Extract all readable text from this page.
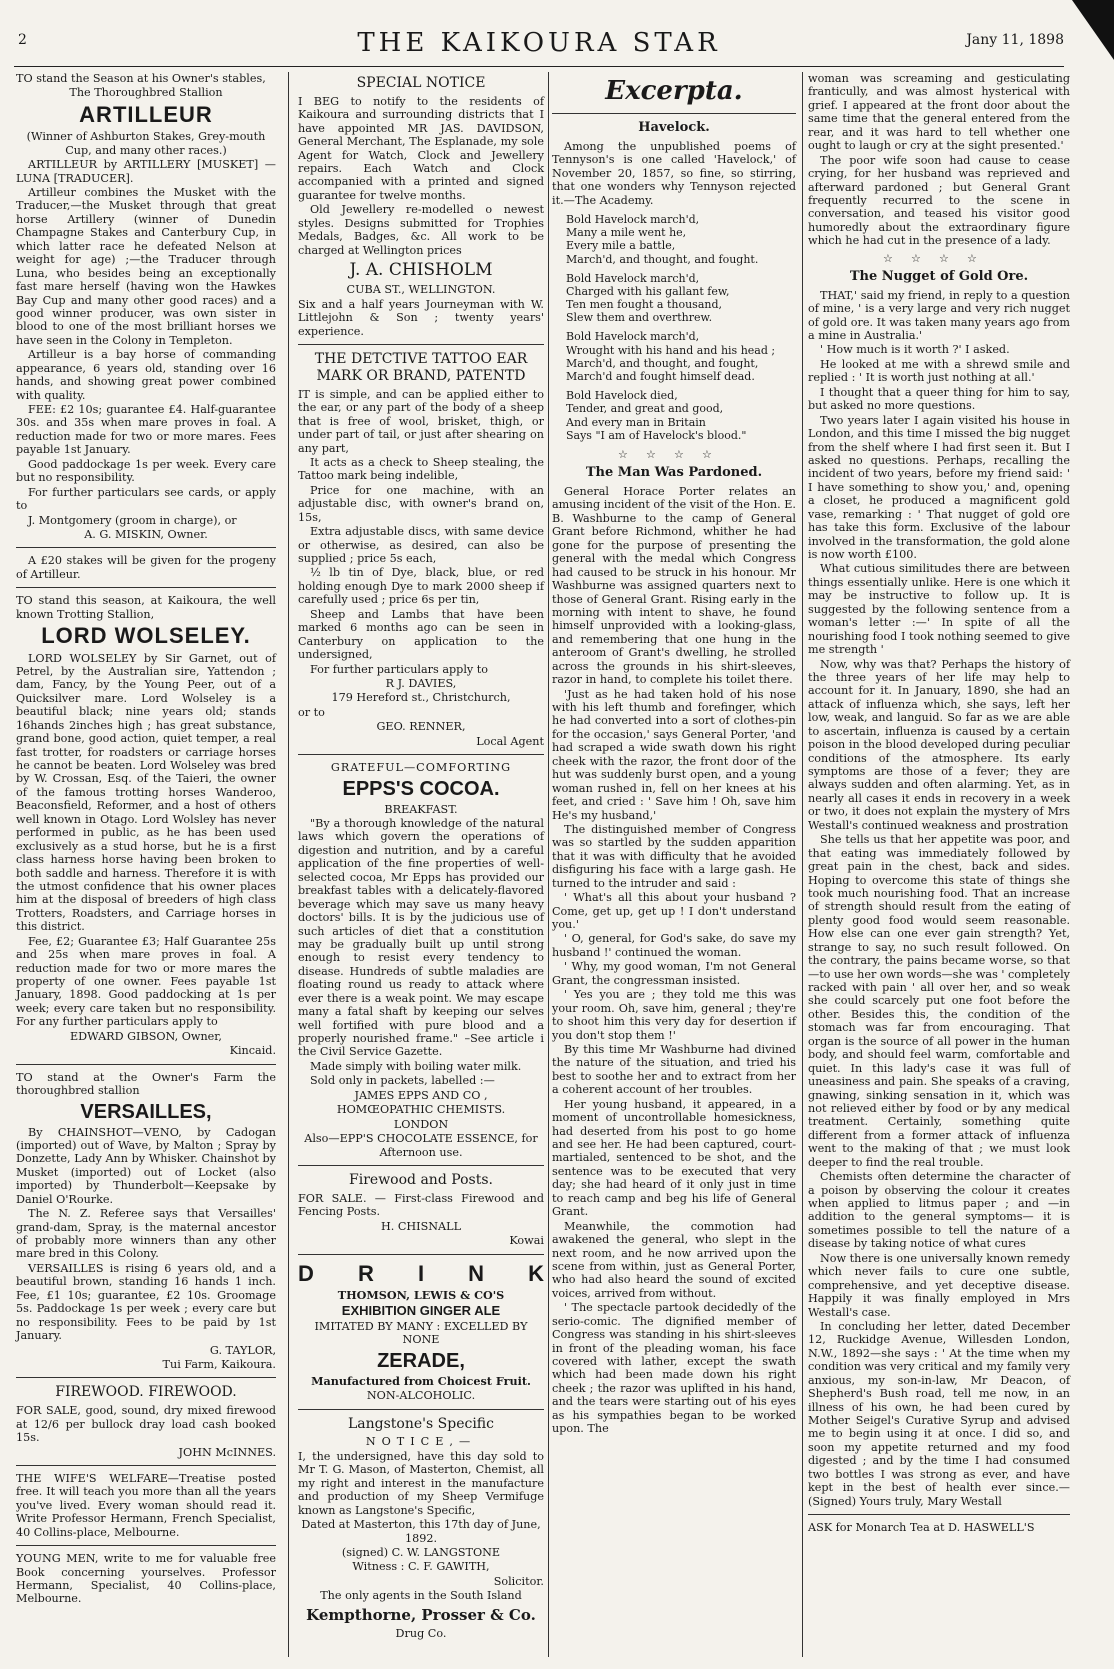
2	THE KAIKOURA STAR	Jany 11, 1898

TO stand the Season at his Owner's stables,

The Thoroughbred Stallion

ARTILLEUR

(Winner of Ashburton Stakes, Grey-mouth Cup, and many other races.)

ARTILLEUR by ARTILLERY [MUSKET] — LUNA [TRADUCER].

Artilleur combines the Musket with the Traducer,—the Musket through that great horse Artillery (winner of Dunedin Champagne Stakes and Canterbury Cup, in which latter race he defeated Nelson at weight for age) ;—the Traducer through Luna, who besides being an exceptionally fast mare herself (having won the Hawkes Bay Cup and many other good races) and a good winner producer, was own sister in blood to one of the most brilliant horses we have seen in the Colony in Templeton.

Artilleur is a bay horse of commanding appearance, 6 years old, standing over 16 hands, and showing great power combined with quality.

FEE: £2 10s; guarantee £4. Half-guarantee 30s. and 35s when mare proves in foal. A reduction made for two or more mares. Fees payable 1st January.

Good paddockage 1s per week. Every care but no responsibility.

For further particulars see cards, or apply to

J. Montgomery (groom in charge), or

A. G. MISKIN, Owner.

A £20 stakes will be given for the progeny of Artilleur.

TO stand this season, at Kaikoura, the well known Trotting Stallion,

LORD WOLSELEY.

LORD WOLSELEY by Sir Garnet, out of Petrel, by the Australian sire, Yattendon ; dam, Fancy, by the Young Peer, out of a Quicksilver mare. Lord Wolseley is a beautiful black; nine years old; stands 16hands 2inches high ; has great substance, grand bone, good action, quiet temper, a real fast trotter, for roadsters or carriage horses he cannot be beaten. Lord Wolseley was bred by W. Crossan, Esq. of the Taieri, the owner of the famous trotting horses Wanderoo, Beaconsfield, Reformer, and a host of others well known in Otago. Lord Wolsley has never performed in public, as he has been used exclusively as a stud horse, but he is a first class harness horse having been broken to both saddle and harness. Therefore it is with the utmost confidence that his owner places him at the disposal of breeders of high class Trotters, Roadsters, and Carriage horses in this district.

Fee, £2; Guarantee £3; Half Guarantee 25s and 25s when mare proves in foal. A reduction made for two or more mares the property of one owner. Fees payable 1st January, 1898. Good paddocking at 1s per week; every care taken but no responsibility. For any further particulars apply to

EDWARD GIBSON, Owner,

Kincaid.

TO stand at the Owner's Farm the thoroughbred stallion

VERSAILLES,

By CHAINSHOT—VENO, by Cadogan (imported) out of Wave, by Malton ; Spray by Donzette, Lady Ann by Whisker. Chainshot by Musket (imported) out of Locket (also imported) by Thunderbolt—Keepsake by Daniel O'Rourke.

The N. Z. Referee says that Versailles' grand-dam, Spray, is the maternal ancestor of probably more winners than any other mare bred in this Colony.

VERSAILLES is rising 6 years old, and a beautiful brown, standing 16 hands 1 inch. Fee, £1 10s; guarantee, £2 10s. Groomage 5s. Paddockage 1s per week ; every care but no responsibility. Fees to be paid by 1st January.

G. TAYLOR,

Tui Farm, Kaikoura.

FIREWOOD. FIREWOOD.

FOR SALE, good, sound, dry mixed firewood at 12/6 per bullock dray load cash booked 15s.

JOHN McINNES.

THE WIFE'S WELFARE—Treatise posted free. It will teach you more than all the years you've lived. Every woman should read it. Write Professor Hermann, French Specialist, 40 Collins-place, Melbourne.

YOUNG MEN, write to me for valuable free Book concerning yourselves. Professor Hermann, Specialist, 40 Collins-place, Melbourne.

SPECIAL NOTICE

I BEG to notify to the residents of Kaikoura and surrounding districts that I have appointed MR JAS. DAVIDSON, General Merchant, The Esplanade, my sole Agent for Watch, Clock and Jewellery repairs. Each Watch and Clock accompanied with a printed and signed guarantee for twelve months.

Old Jewellery re-modelled o newest styles. Designs submitted for Trophies Medals, Badges, &c. All work to be charged at Wellington prices

J. A. CHISHOLM

CUBA ST., WELLINGTON.

Six and a half years Journeyman with W. Littlejohn & Son ; twenty years' experience.

THE DETCTIVE TATTOO EAR MARK OR BRAND, PATENTD

IT is simple, and can be applied either to the ear, or any part of the body of a sheep that is free of wool, brisket, thigh, or under part of tail, or just after shearing on any part,

It acts as a check to Sheep stealing, the Tattoo mark being indelible,

Price for one machine, with an adjustable disc, with owner's brand on, 15s,

Extra adjustable discs, with same device or otherwise, as desired, can also be supplied ; price 5s each,

½ lb tin of Dye, black, blue, or red holding enough Dye to mark 2000 sheep if carefully used ; price 6s per tin,

Sheep and Lambs that have been marked 6 months ago can be seen in Canterbury on application to the undersigned,

For further particulars apply to

R J. DAVIES,

179 Hereford st., Christchurch,

or to

GEO. RENNER,

Local Agent

GRATEFUL—COMFORTING

EPPS'S COCOA.

BREAKFAST.

"By a thorough knowledge of the natural laws which govern the operations of digestion and nutrition, and by a careful application of the fine properties of well-selected cocoa, Mr Epps has provided our breakfast tables with a delicately-flavored beverage which may save us many heavy doctors' bills. It is by the judicious use of such articles of diet that a constitution may be gradually built up until strong enough to resist every tendency to disease. Hundreds of subtle maladies are floating round us ready to attack where ever there is a weak point. We may escape many a fatal shaft by keeping our selves well fortified with pure blood and a properly nourished frame." –See article i the Civil Service Gazette.

Made simply with boiling water milk.

Sold only in packets, labelled :—

JAMES EPPS AND CO ,

HOMŒOPATHIC CHEMISTS.

LONDON

Also—EPP'S CHOCOLATE ESSENCE, for Afternoon use.

Firewood and Posts.

FOR SALE. — First-class Firewood and Fencing Posts.

H. CHISNALL

Kowai

D R I N K

THOMSON, LEWIS & CO'S

EXHIBITION GINGER ALE

IMITATED BY MANY : EXCELLED BY NONE

ZERADE,

Manufactured from Choicest Fruit.

NON-ALCOHOLIC.

Langstone's Specific

NOTICE,—

I, the undersigned, have this day sold to Mr T. G. Mason, of Masterton, Chemist, all my right and interest in the manufacture and production of my Sheep Vermifuge known as Langstone's Specific,

Dated at Masterton, this 17th day of June, 1892.

(signed) C. W. LANGSTONE

Witness : C. F. GAWITH,

Solicitor.

The only agents in the South Island

Kempthorne, Prosser & Co.

Drug Co.

Excerpta.
Havelock.

Among the unpublished poems of Tennyson's is one called 'Havelock,' of November 20, 1857, so fine, so stirring, that one wonders why Tennyson rejected it.—The Academy.

Bold Havelock march'd,
Many a mile went he,
Every mile a battle,
March'd, and thought, and fought.
Bold Havelock march'd,
Charged with his gallant few,
Ten men fought a thousand,
Slew them and overthrew.
Bold Havelock march'd,
Wrought with his hand and his head ;
March'd, and thought, and fought,
March'd and fought himself dead.
Bold Havelock died,
Tender, and great and good,
And every man in Britain
Says "I am of Havelock's blood."
☆☆☆☆
The Man Was Pardoned.

General Horace Porter relates an amusing incident of the visit of the Hon. E. B. Washburne to the camp of General Grant before Richmond, whither he had gone for the purpose of presenting the general with the medal which Congress had caused to be struck in his honour. Mr Washburne was assigned quarters next to those of General Grant. Rising early in the morning with intent to shave, he found himself unprovided with a looking-glass, and remembering that one hung in the anteroom of Grant's dwelling, he strolled across the grounds in his shirt-sleeves, razor in hand, to complete his toilet there.

'Just as he had taken hold of his nose with his left thumb and forefinger, which he had converted into a sort of clothes-pin for the occasion,' says General Porter, 'and had scraped a wide swath down his right cheek with the razor, the front door of the hut was suddenly burst open, and a young woman rushed in, fell on her knees at his feet, and cried : ' Save him ! Oh, save him He's my husband,'

The distinguished member of Congress was so startled by the sudden apparition that it was with difficulty that he avoided disfiguring his face with a large gash. He turned to the intruder and said :

' What's all this about your husband ? Come, get up, get up ! I don't understand you.'

' O, general, for God's sake, do save my husband !' continued the woman.

' Why, my good woman, I'm not General Grant, the congressman insisted.

' Yes you are ; they told me this was your room. Oh, save him, general ; they're to shoot him this very day for desertion if you don't stop them !'

By this time Mr Washburne had divined the nature of the situation, and tried his best to soothe her and to extract from her a coherent account of her troubles.

Her young husband, it appeared, in a moment of uncontrollable homesickness, had deserted from his post to go home and see her. He had been captured, court-martialed, sentenced to be shot, and the sentence was to be executed that very day; she had heard of it only just in time to reach camp and beg his life of General Grant.

Meanwhile, the commotion had awakened the general, who slept in the next room, and he now arrived upon the scene from within, just as General Porter, who had also heard the sound of excited voices, arrived from without.

' The spectacle partook decidedly of the serio-comic. The dignified member of Congress was standing in his shirt-sleeves in front of the pleading woman, his face covered with lather, except the swath which had been made down his right cheek ; the razor was uplifted in his hand, and the tears were starting out of his eyes as his sympathies began to be worked upon. The

woman was screaming and gesticulating franticully, and was almost hysterical with grief. I appeared at the front door about the same time that the general entered from the rear, and it was hard to tell whether one ought to laugh or cry at the sight presented.'

The poor wife soon had cause to cease crying, for her husband was reprieved and afterward pardoned ; but General Grant frequently recurred to the scene in conversation, and teased his visitor good humoredly about the extraordinary figure which he had cut in the presence of a lady.

☆☆☆☆
The Nugget of Gold Ore.

THAT,' said my friend, in reply to a question of mine, ' is a very large and very rich nugget of gold ore. It was taken many years ago from a mine in Australia.'

' How much is it worth ?' I asked.

He looked at me with a shrewd smile and replied : ' It is worth just nothing at all.'

I thought that a queer thing for him to say, but asked no more questions.

Two years later I again visited his house in London, and this time I missed the big nugget from the shelf where I had first seen it. But I asked no questions. Perhaps, recalling the incident of two years, before my friend said: ' I have something to show you,' and, opening a closet, he produced a magnificent gold vase, remarking : ' That nugget of gold ore has take this form. Exclusive of the labour involved in the transformation, the gold alone is now worth £100.

What cutious similitudes there are between things essentially unlike. Here is one which it may be instructive to follow up. It is suggested by the following sentence from a woman's letter :—' In spite of all the nourishing food I took nothing seemed to give me strength '

Now, why was that? Perhaps the history of the three years of her life may help to account for it. In January, 1890, she had an attack of influenza which, she says, left her low, weak, and languid. So far as we are able to ascertain, influenza is caused by a certain poison in the blood developed during peculiar conditions of the atmosphere. Its early symptoms are those of a fever; they are always sudden and often alarming. Yet, as in nearly all cases it ends in recovery in a week or two, it does not explain the mystery of Mrs Westall's continued weakness and prostration

She tells us that her appetite was poor, and that eating was immediately followed by great pain in the chest, back and sides. Hoping to overcome this state of things she took much nourishing food. That an increase of strength should result from the eating of plenty good food would seem reasonable. How else can one ever gain strength? Yet, strange to say, no such result followed. On the contrary, the pains became worse, so that—to use her own words—she was ' completely racked with pain ' all over her, and so weak she could scarcely put one foot before the other. Besides this, the condition of the stomach was far from encouraging. That organ is the source of all power in the human body, and should feel warm, comfortable and quiet. In this lady's case it was full of uneasiness and pain. She speaks of a craving, gnawing, sinking sensation in it, which was not relieved either by food or by any medical treatment. Certainly, something quite different from a former attack of influenza went to the making of that ; we must look deeper to find the real trouble.

Chemists often determine the character of a poison by observing the colour it creates when applied to litmus paper ; and —in addition to the general symptoms— it is sometimes possible to tell the nature of a disease by taking notice of what cures

Now there is one universally known remedy which never fails to cure one subtle, comprehensive, and yet deceptive disease. Happily it was finally employed in Mrs Westall's case.

In concluding her letter, dated December 12, Ruckidge Avenue, Willesden London, N.W., 1892—she says : ' At the time when my condition was very critical and my family very anxious, my son-in-law, Mr Deacon, of Shepherd's Bush road, tell me now, in an illness of his own, he had been cured by Mother Seigel's Curative Syrup and advised me to begin using it at once. I did so, and soon my appetite returned and my food digested ; and by the time I had consumed two bottles I was strong as ever, and have kept in the best of health ever since.—(Signed) Yours truly, Mary Westall

ASK for Monarch Tea at D. HASWELL'S
